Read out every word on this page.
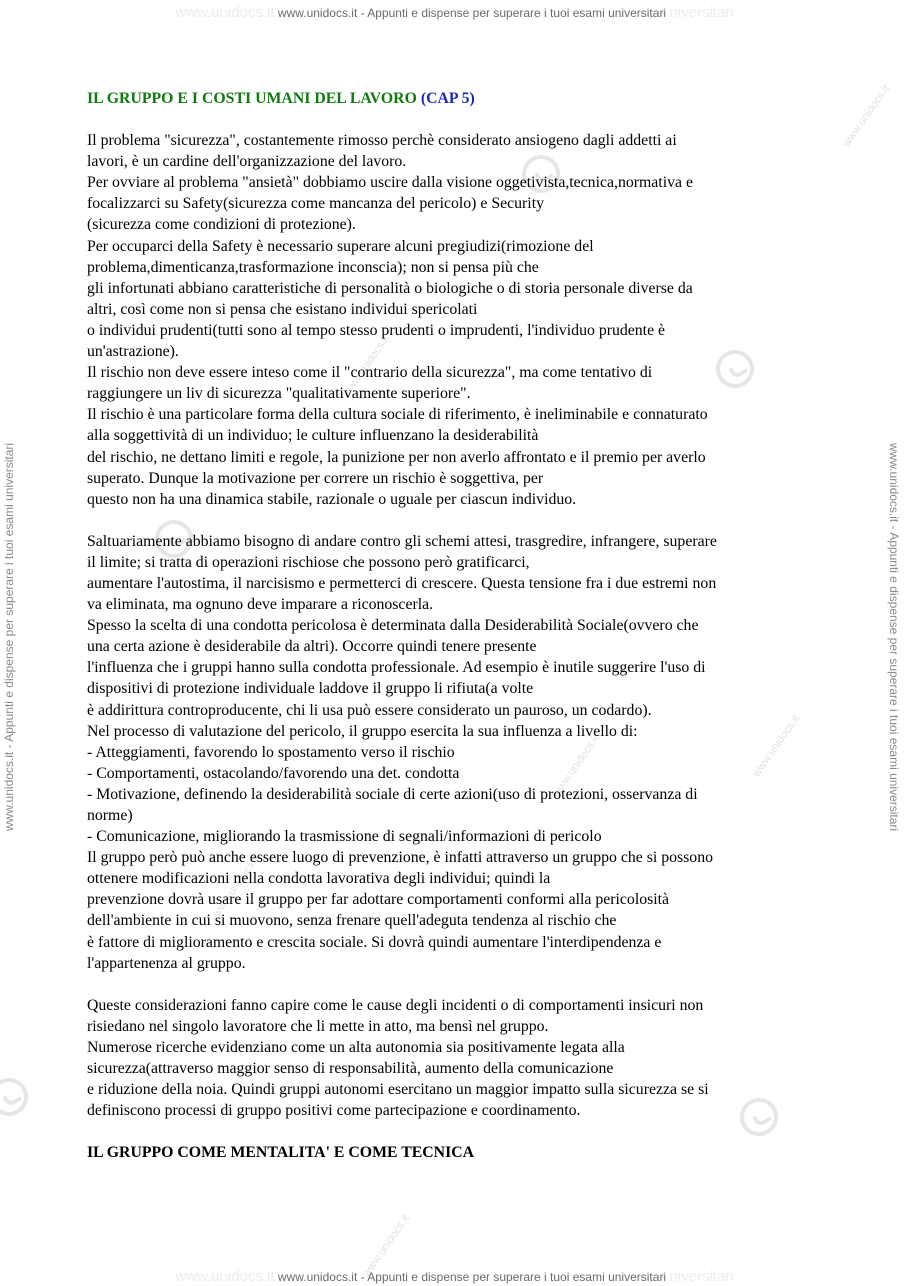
www.unidocs.it www.unidocs.it - Appunti e dispense per superare i tuoi esami universitari niversitari
www.unidocs.it - Appunti e dispense per superare i tuoi esami universitari	www.unidocs.it - Appunti e dispense per superare i tuoi esami universitari
www.unidocs.it
www.unidocs.it
www.unidocs.it
www.unidocs.it
www.unidocs.it
www.unidocs.it

IL GRUPPO E I COSTI UMANI DEL LAVORO (CAP 5)

Il problema "sicurezza", costantemente rimosso perchè considerato ansiogeno dagli addetti ai
lavori, è un cardine dell'organizzazione del lavoro.
Per ovviare al problema "ansietà" dobbiamo uscire dalla visione oggetivista,tecnica,normativa e
focalizzarci su Safety(sicurezza come mancanza del pericolo) e Security
(sicurezza come condizioni di protezione).
Per occuparci della Safety è necessario superare alcuni pregiudizi(rimozione del
problema,dimenticanza,trasformazione inconscia); non si pensa più che
gli infortunati abbiano caratteristiche di personalità o biologiche o di storia personale diverse da
altri, così come non si pensa che esistano individui spericolati
o individui prudenti(tutti sono al tempo stesso prudenti o imprudenti, l'individuo prudente è
un'astrazione).
Il rischio non deve essere inteso come il "contrario della sicurezza", ma come tentativo di
raggiungere un liv di sicurezza "qualitativamente superiore".
Il rischio è una particolare forma della cultura sociale di riferimento, è ineliminabile e connaturato
alla soggettività di un individuo; le culture influenzano la desiderabilità
del rischio, ne dettano limiti e regole, la punizione per non averlo affrontato e il premio per averlo
superato. Dunque la motivazione per correre un rischio è soggettiva, per
questo non ha una dinamica stabile, razionale o uguale per ciascun individuo.

Saltuariamente abbiamo bisogno di andare contro gli schemi attesi, trasgredire, infrangere, superare
il limite; si tratta di operazioni rischiose che possono però gratificarci,
aumentare l'autostima, il narcisismo e permetterci di crescere. Questa tensione fra i due estremi non
va eliminata, ma ognuno deve imparare a riconoscerla.
Spesso la scelta di una condotta pericolosa è determinata dalla Desiderabilità Sociale(ovvero che
una certa azione è desiderabile da altri). Occorre quindi tenere presente
l'influenza che i gruppi hanno sulla condotta professionale. Ad esempio è inutile suggerire l'uso di
dispositivi di protezione individuale laddove il gruppo li rifiuta(a volte
è addirittura controproducente, chi li usa può essere considerato un pauroso, un codardo).
Nel processo di valutazione del pericolo, il gruppo esercita la sua influenza a livello di:
- Atteggiamenti, favorendo lo spostamento verso il rischio
- Comportamenti, ostacolando/favorendo una det. condotta
- Motivazione, definendo la desiderabilità sociale di certe azioni(uso di protezioni, osservanza di
norme)
- Comunicazione, migliorando la trasmissione di segnali/informazioni di pericolo
Il gruppo però può anche essere luogo di prevenzione, è infatti attraverso un gruppo che si possono
ottenere modificazioni nella condotta lavorativa degli individui; quindi la
prevenzione dovrà usare il gruppo per far adottare comportamenti conformi alla pericolosità
dell'ambiente in cui si muovono, senza frenare quell'adeguta tendenza al rischio che
è fattore di miglioramento e crescita sociale. Si dovrà quindi aumentare l'interdipendenza e
l'appartenenza al gruppo.

Queste considerazioni fanno capire come le cause degli incidenti o di comportamenti insicuri non
risiedano nel singolo lavoratore che li mette in atto, ma bensì nel gruppo.
Numerose ricerche evidenziano come un alta autonomia sia positivamente legata alla
sicurezza(attraverso maggior senso di responsabilità, aumento della comunicazione
e riduzione della noia. Quindi gruppi autonomi esercitano un maggior impatto sulla sicurezza se si
definiscono processi di gruppo positivi come partecipazione e coordinamento.

IL GRUPPO COME MENTALITA' E COME TECNICA

www.unidocs.it www.unidocs.it - Appunti e dispense per superare i tuoi esami universitari niversitari
